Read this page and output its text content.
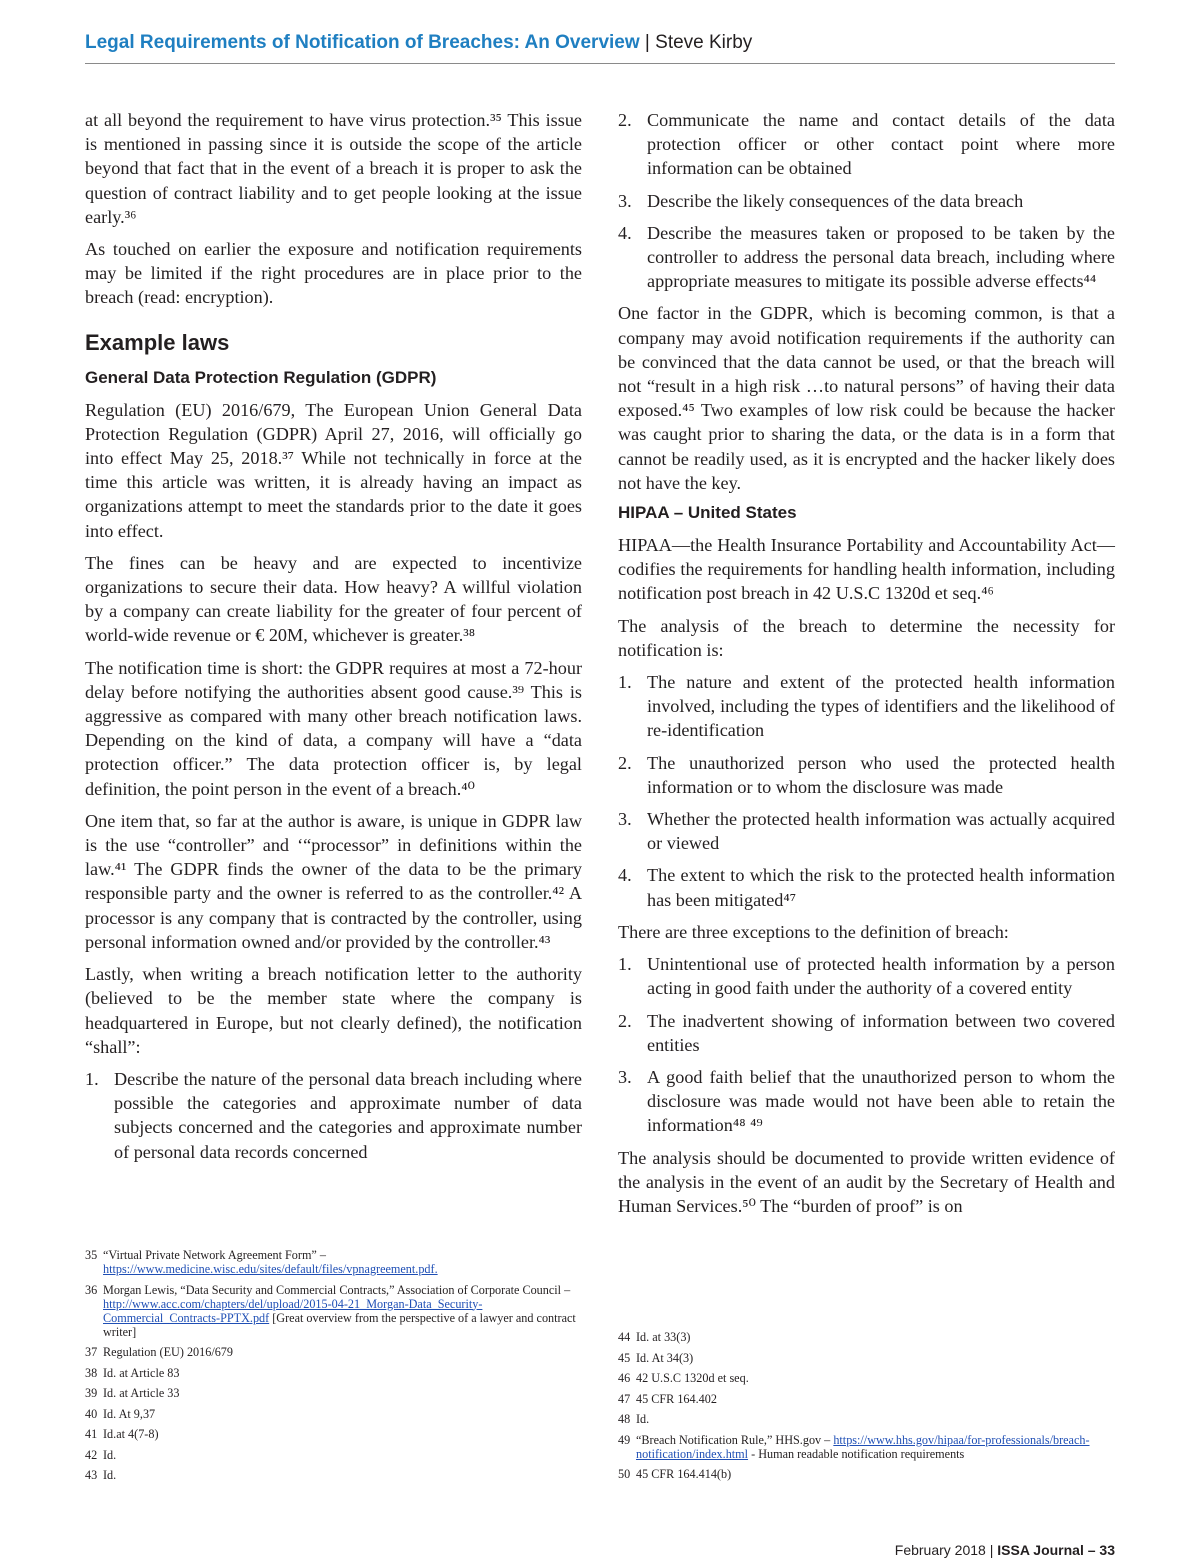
Legal Requirements of Notification of Breaches: An Overview | Steve Kirby

at all beyond the requirement to have virus protection.³⁵ This issue is mentioned in passing since it is outside the scope of the article beyond that fact that in the event of a breach it is proper to ask the question of contract liability and to get people looking at the issue early.³⁶

As touched on earlier the exposure and notification requirements may be limited if the right procedures are in place prior to the breach (read: encryption).

Example laws
General Data Protection Regulation (GDPR)

Regulation (EU) 2016/679, The European Union General Data Protection Regulation (GDPR) April 27, 2016, will officially go into effect May 25, 2018.³⁷ While not technically in force at the time this article was written, it is already having an impact as organizations attempt to meet the standards prior to the date it goes into effect.

The fines can be heavy and are expected to incentivize organizations to secure their data. How heavy? A willful violation by a company can create liability for the greater of four percent of world-wide revenue or € 20M, whichever is greater.³⁸

The notification time is short: the GDPR requires at most a 72-hour delay before notifying the authorities absent good cause.³⁹ This is aggressive as compared with many other breach notification laws. Depending on the kind of data, a company will have a “data protection officer.” The data protection officer is, by legal definition, the point person in the event of a breach.⁴⁰

One item that, so far at the author is aware, is unique in GDPR law is the use “controller” and ‘“processor” in definitions within the law.⁴¹ The GDPR finds the owner of the data to be the primary responsible party and the owner is referred to as the controller.⁴² A processor is any company that is contracted by the controller, using personal information owned and/or provided by the controller.⁴³

Lastly, when writing a breach notification letter to the authority (believed to be the member state where the company is headquartered in Europe, but not clearly defined), the notification “shall”:

1. Describe the nature of the personal data breach including where possible the categories and approximate number of data subjects concerned and the categories and approximate number of personal data records concerned
2. Communicate the name and contact details of the data protection officer or other contact point where more information can be obtained
3. Describe the likely consequences of the data breach
4. Describe the measures taken or proposed to be taken by the controller to address the personal data breach, including where appropriate measures to mitigate its possible adverse effects⁴⁴

One factor in the GDPR, which is becoming common, is that a company may avoid notification requirements if the authority can be convinced that the data cannot be used, or that the breach will not “result in a high risk …to natural persons” of having their data exposed.⁴⁵ Two examples of low risk could be because the hacker was caught prior to sharing the data, or the data is in a form that cannot be readily used, as it is encrypted and the hacker likely does not have the key.

HIPAA – United States

HIPAA—the Health Insurance Portability and Accountability Act— codifies the requirements for handling health information, including notification post breach in 42 U.S.C 1320d et seq.⁴⁶

The analysis of the breach to determine the necessity for notification is:

1. The nature and extent of the protected health information involved, including the types of identifiers and the likelihood of re-identification
2. The unauthorized person who used the protected health information or to whom the disclosure was made
3. Whether the protected health information was actually acquired or viewed
4. The extent to which the risk to the protected health information has been mitigated⁴⁷

There are three exceptions to the definition of breach:

1. Unintentional use of protected health information by a person acting in good faith under the authority of a covered entity
2. The inadvertent showing of information between two covered entities
3. A good faith belief that the unauthorized person to whom the disclosure was made would not have been able to retain the information⁴⁸ ⁴⁹

The analysis should be documented to provide written evidence of the analysis in the event of an audit by the Secretary of Health and Human Services.⁵⁰ The “burden of proof” is on

35 “Virtual Private Network Agreement Form” – https://www.medicine.wisc.edu/sites/default/files/vpnagreement.pdf.
36 Morgan Lewis, “Data Security and Commercial Contracts,” Association of Corporate Council – http://www.acc.com/chapters/del/upload/2015-04-21_Morgan-Data_Security-Commercial_Contracts-PPTX.pdf [Great overview from the perspective of a lawyer and contract writer]
37 Regulation (EU) 2016/679
38 Id. at Article 83
39 Id. at Article 33
40 Id. At 9,37
41 Id.at 4(7-8)
42 Id.
43 Id.
44 Id. at 33(3)
45 Id. At 34(3)
46 42 U.S.C 1320d et seq.
47 45 CFR 164.402
48 Id.
49 “Breach Notification Rule,” HHS.gov – https://www.hhs.gov/hipaa/for-professionals/breach-notification/index.html - Human readable notification requirements
50 45 CFR 164.414(b)
February 2018 | ISSA Journal – 33
